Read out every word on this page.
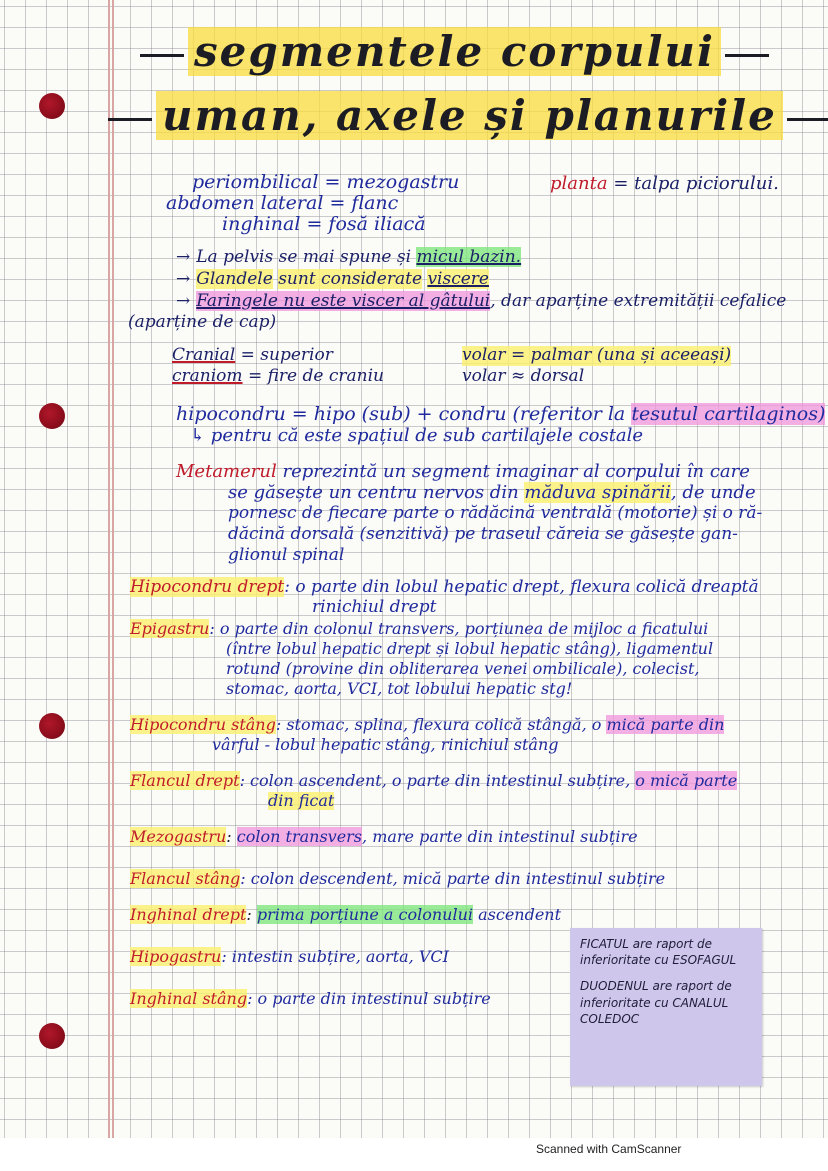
segmentele corpului
uman, axele și planurile
periombilical = mezogastru
abdomen lateral = flanc
inghinal = fosă iliacă
planta = talpa piciorului.
→ La pelvis se mai spune și micul bazin.
→ Glandele sunt considerate viscere
→ Faringele nu este viscer al gâtului, dar aparține extremității cefalice
(aparține de cap)
Cranial = superior
craniom = fire de craniu
volar = palmar (una și aceeași)
volar ≈ dorsal
hipocondru = hipo (sub) + condru (referitor la tesutul cartilaginos)
↳ pentru că este spațiul de sub cartilajele costale
Metamerul reprezintă un segment imaginar al corpului în care
se găsește un centru nervos din măduva spinării, de unde
pornesc de fiecare parte o rădăcină ventrală (motorie) și o ră-
dăcină dorsală (senzitivă) pe traseul căreia se găsește gan-
glionul spinal
Hipocondru drept: o parte din lobul hepatic drept, flexura colică dreaptă
rinichiul drept
Epigastru: o parte din colonul transvers, porțiunea de mijloc a ficatului
(între lobul hepatic drept și lobul hepatic stâng), ligamentul
rotund (provine din obliterarea venei ombilicale), colecist,
stomac, aorta, VCI, tot lobului hepatic stg!
Hipocondru stâng: stomac, splina, flexura colică stângă, o mică parte din
vârful - lobul hepatic stâng, rinichiul stâng
Flancul drept: colon ascendent, o parte din intestinul subțire, o mică parte
din ficat
Mezogastru: colon transvers, mare parte din intestinul subțire
Flancul stâng: colon descendent, mică parte din intestinul subțire
Inghinal drept: prima porțiune a colonului ascendent
Hipogastru: intestin subțire, aorta, VCI
Inghinal stâng: o parte din intestinul subțire

FICATUL are raport de inferioritate cu ESOFAGUL

DUODENUL are raport de inferioritate cu CANALUL COLEDOC

Scanned with CamScanner
